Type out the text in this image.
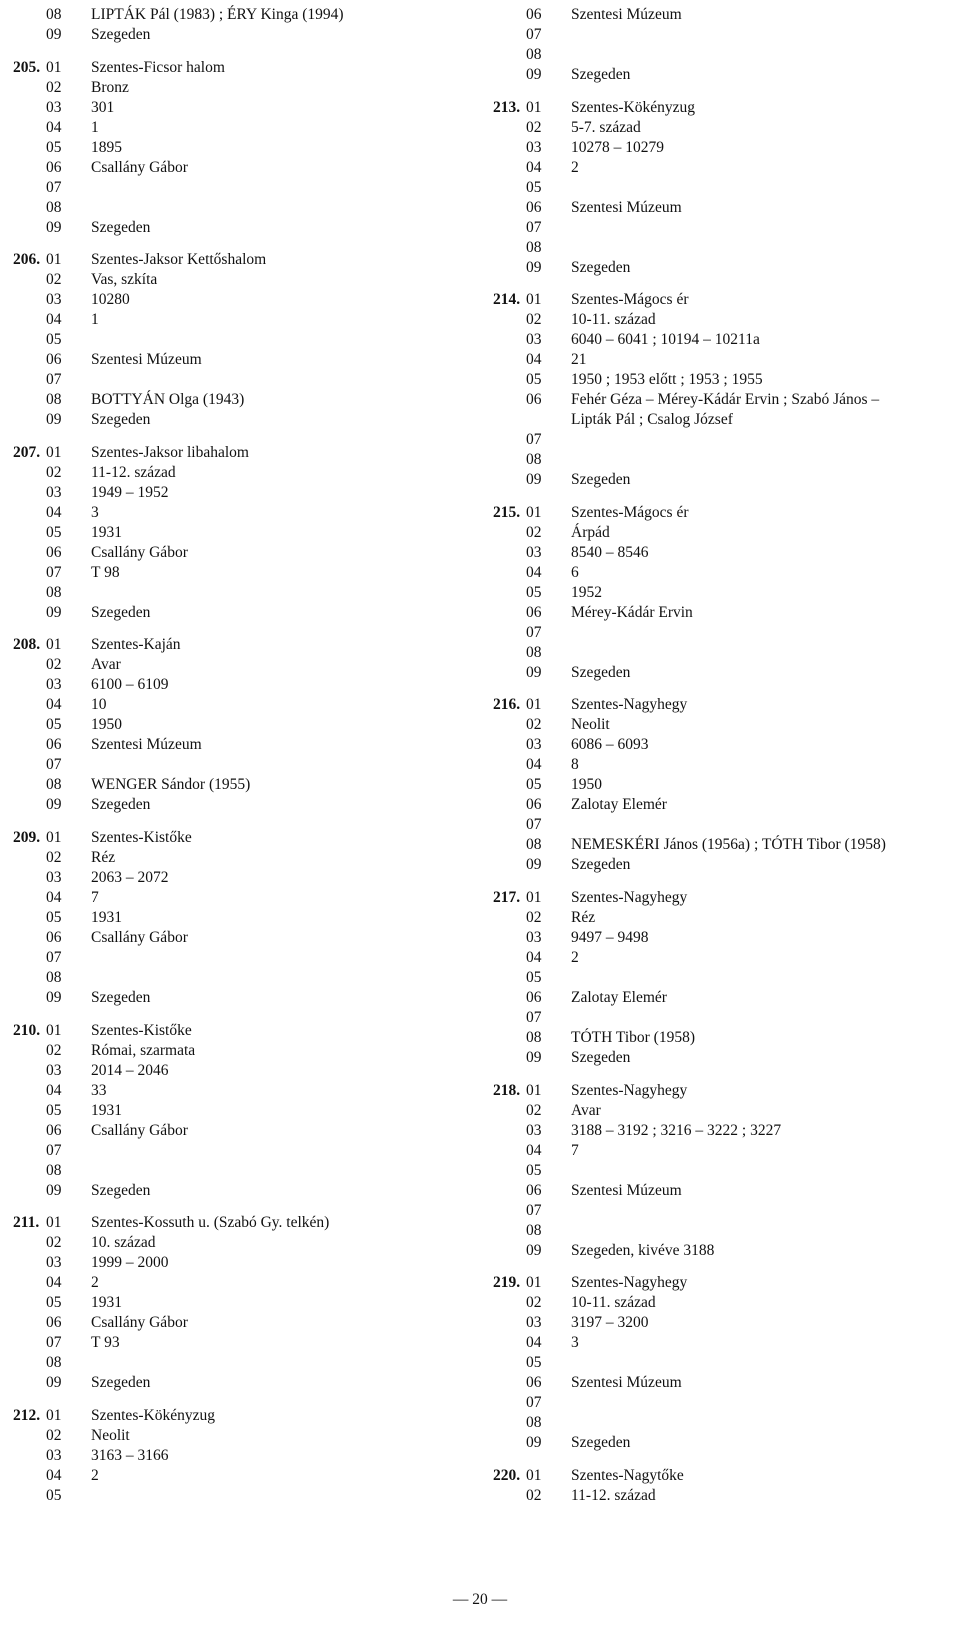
08	LIPTÁK Pál (1983) ; ÉRY Kinga (1994)
09	Szegeden
205. 01	Szentes-Ficsor halom
02	Bronz
03	301
04	1
05	1895
06	Csallány Gábor
07
08
09	Szegeden
206. 01	Szentes-Jaksor Kettőshalom
02	Vas, szkíta
03	10280
04	1
05
06	Szentesi Múzeum
07
08	BOTTYÁN Olga (1943)
09	Szegeden
207. 01	Szentes-Jaksor libahalom
02	11-12. század
03	1949 – 1952
04	3
05	1931
06	Csallány Gábor
07	T 98
08
09	Szegeden
208. 01	Szentes-Kaján
02	Avar
03	6100 – 6109
04	10
05	1950
06	Szentesi Múzeum
07
08	WENGER Sándor (1955)
09	Szegeden
209. 01	Szentes-Kistőke
02	Réz
03	2063 – 2072
04	7
05	1931
06	Csallány Gábor
07
08
09	Szegeden
210. 01	Szentes-Kistőke
02	Római, szarmata
03	2014 – 2046
04	33
05	1931
06	Csallány Gábor
07
08
09	Szegeden
211. 01	Szentes-Kossuth u. (Szabó Gy. telkén)
02	10. század
03	1999 – 2000
04	2
05	1931
06	Csallány Gábor
07	T 93
08
09	Szegeden
212. 01	Szentes-Kökényzug
02	Neolit
03	3163 – 3166
04	2
05
06	Szentesi Múzeum
07
08
09	Szegeden
213. 01	Szentes-Kökényzug
02	5-7. század
03	10278 – 10279
04	2
05
06	Szentesi Múzeum
07
08
09	Szegeden
214. 01	Szentes-Mágocs ér
02	10-11. század
03	6040 – 6041 ; 10194 – 10211a
04	21
05	1950 ; 1953 előtt ; 1953 ; 1955
06	Fehér Géza – Mérey-Kádár Ervin ; Szabó János –
Lipták Pál ; Csalog József
07
08
09	Szegeden
215. 01	Szentes-Mágocs ér
02	Árpád
03	8540 – 8546
04	6
05	1952
06	Mérey-Kádár Ervin
07
08
09	Szegeden
216. 01	Szentes-Nagyhegy
02	Neolit
03	6086 – 6093
04	8
05	1950
06	Zalotay Elemér
07
08	NEMESKÉRI János (1956a) ; TÓTH Tibor (1958)
09	Szegeden
217. 01	Szentes-Nagyhegy
02	Réz
03	9497 – 9498
04	2
05
06	Zalotay Elemér
07
08	TÓTH Tibor (1958)
09	Szegeden
218. 01	Szentes-Nagyhegy
02	Avar
03	3188 – 3192 ; 3216 – 3222 ; 3227
04	7
05
06	Szentesi Múzeum
07
08
09	Szegeden, kivéve 3188
219. 01	Szentes-Nagyhegy
02	10-11. század
03	3197 – 3200
04	3
05
06	Szentesi Múzeum
07
08
09	Szegeden
220. 01	Szentes-Nagytőke
02	11-12. század
— 20 —
